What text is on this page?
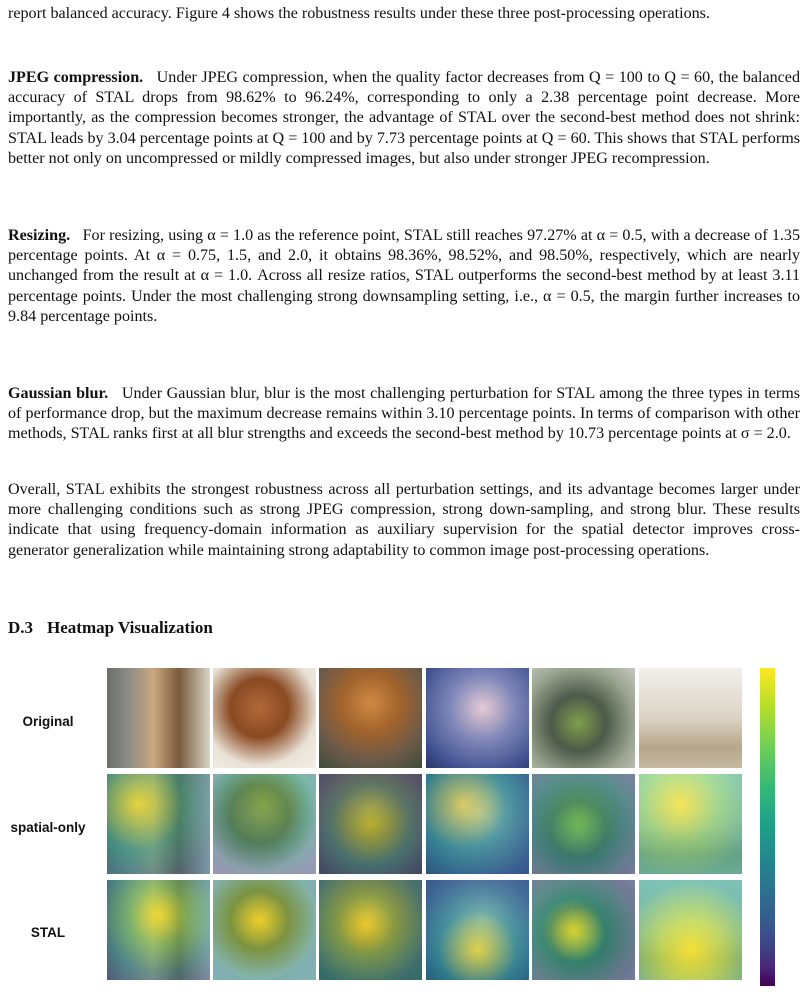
report balanced accuracy. Figure 4 shows the robustness results under these three post-processing operations.

JPEG compression. Under JPEG compression, when the quality factor decreases from Q = 100 to Q = 60, the balanced accuracy of STAL drops from 98.62% to 96.24%, corresponding to only a 2.38 percentage point decrease. More importantly, as the compression becomes stronger, the advantage of STAL over the second-best method does not shrink: STAL leads by 3.04 percentage points at Q = 100 and by 7.73 percentage points at Q = 60. This shows that STAL performs better not only on uncompressed or mildly compressed images, but also under stronger JPEG recompression.

Resizing. For resizing, using α = 1.0 as the reference point, STAL still reaches 97.27% at α = 0.5, with a decrease of 1.35 percentage points. At α = 0.75, 1.5, and 2.0, it obtains 98.36%, 98.52%, and 98.50%, respectively, which are nearly unchanged from the result at α = 1.0. Across all resize ratios, STAL outperforms the second-best method by at least 3.11 percentage points. Under the most challenging strong downsampling setting, i.e., α = 0.5, the margin further increases to 9.84 percentage points.

Gaussian blur. Under Gaussian blur, blur is the most challenging perturbation for STAL among the three types in terms of performance drop, but the maximum decrease remains within 3.10 percentage points. In terms of comparison with other methods, STAL ranks first at all blur strengths and exceeds the second-best method by 10.73 percentage points at σ = 2.0.

Overall, STAL exhibits the strongest robustness across all perturbation settings, and its advantage becomes larger under more challenging conditions such as strong JPEG compression, strong down-sampling, and strong blur. These results indicate that using frequency-domain information as auxiliary supervision for the spatial detector improves cross-generator generalization while maintaining strong adaptability to common image post-processing operations.

D.3 Heatmap Visualization
Original
spatial-only
STAL
